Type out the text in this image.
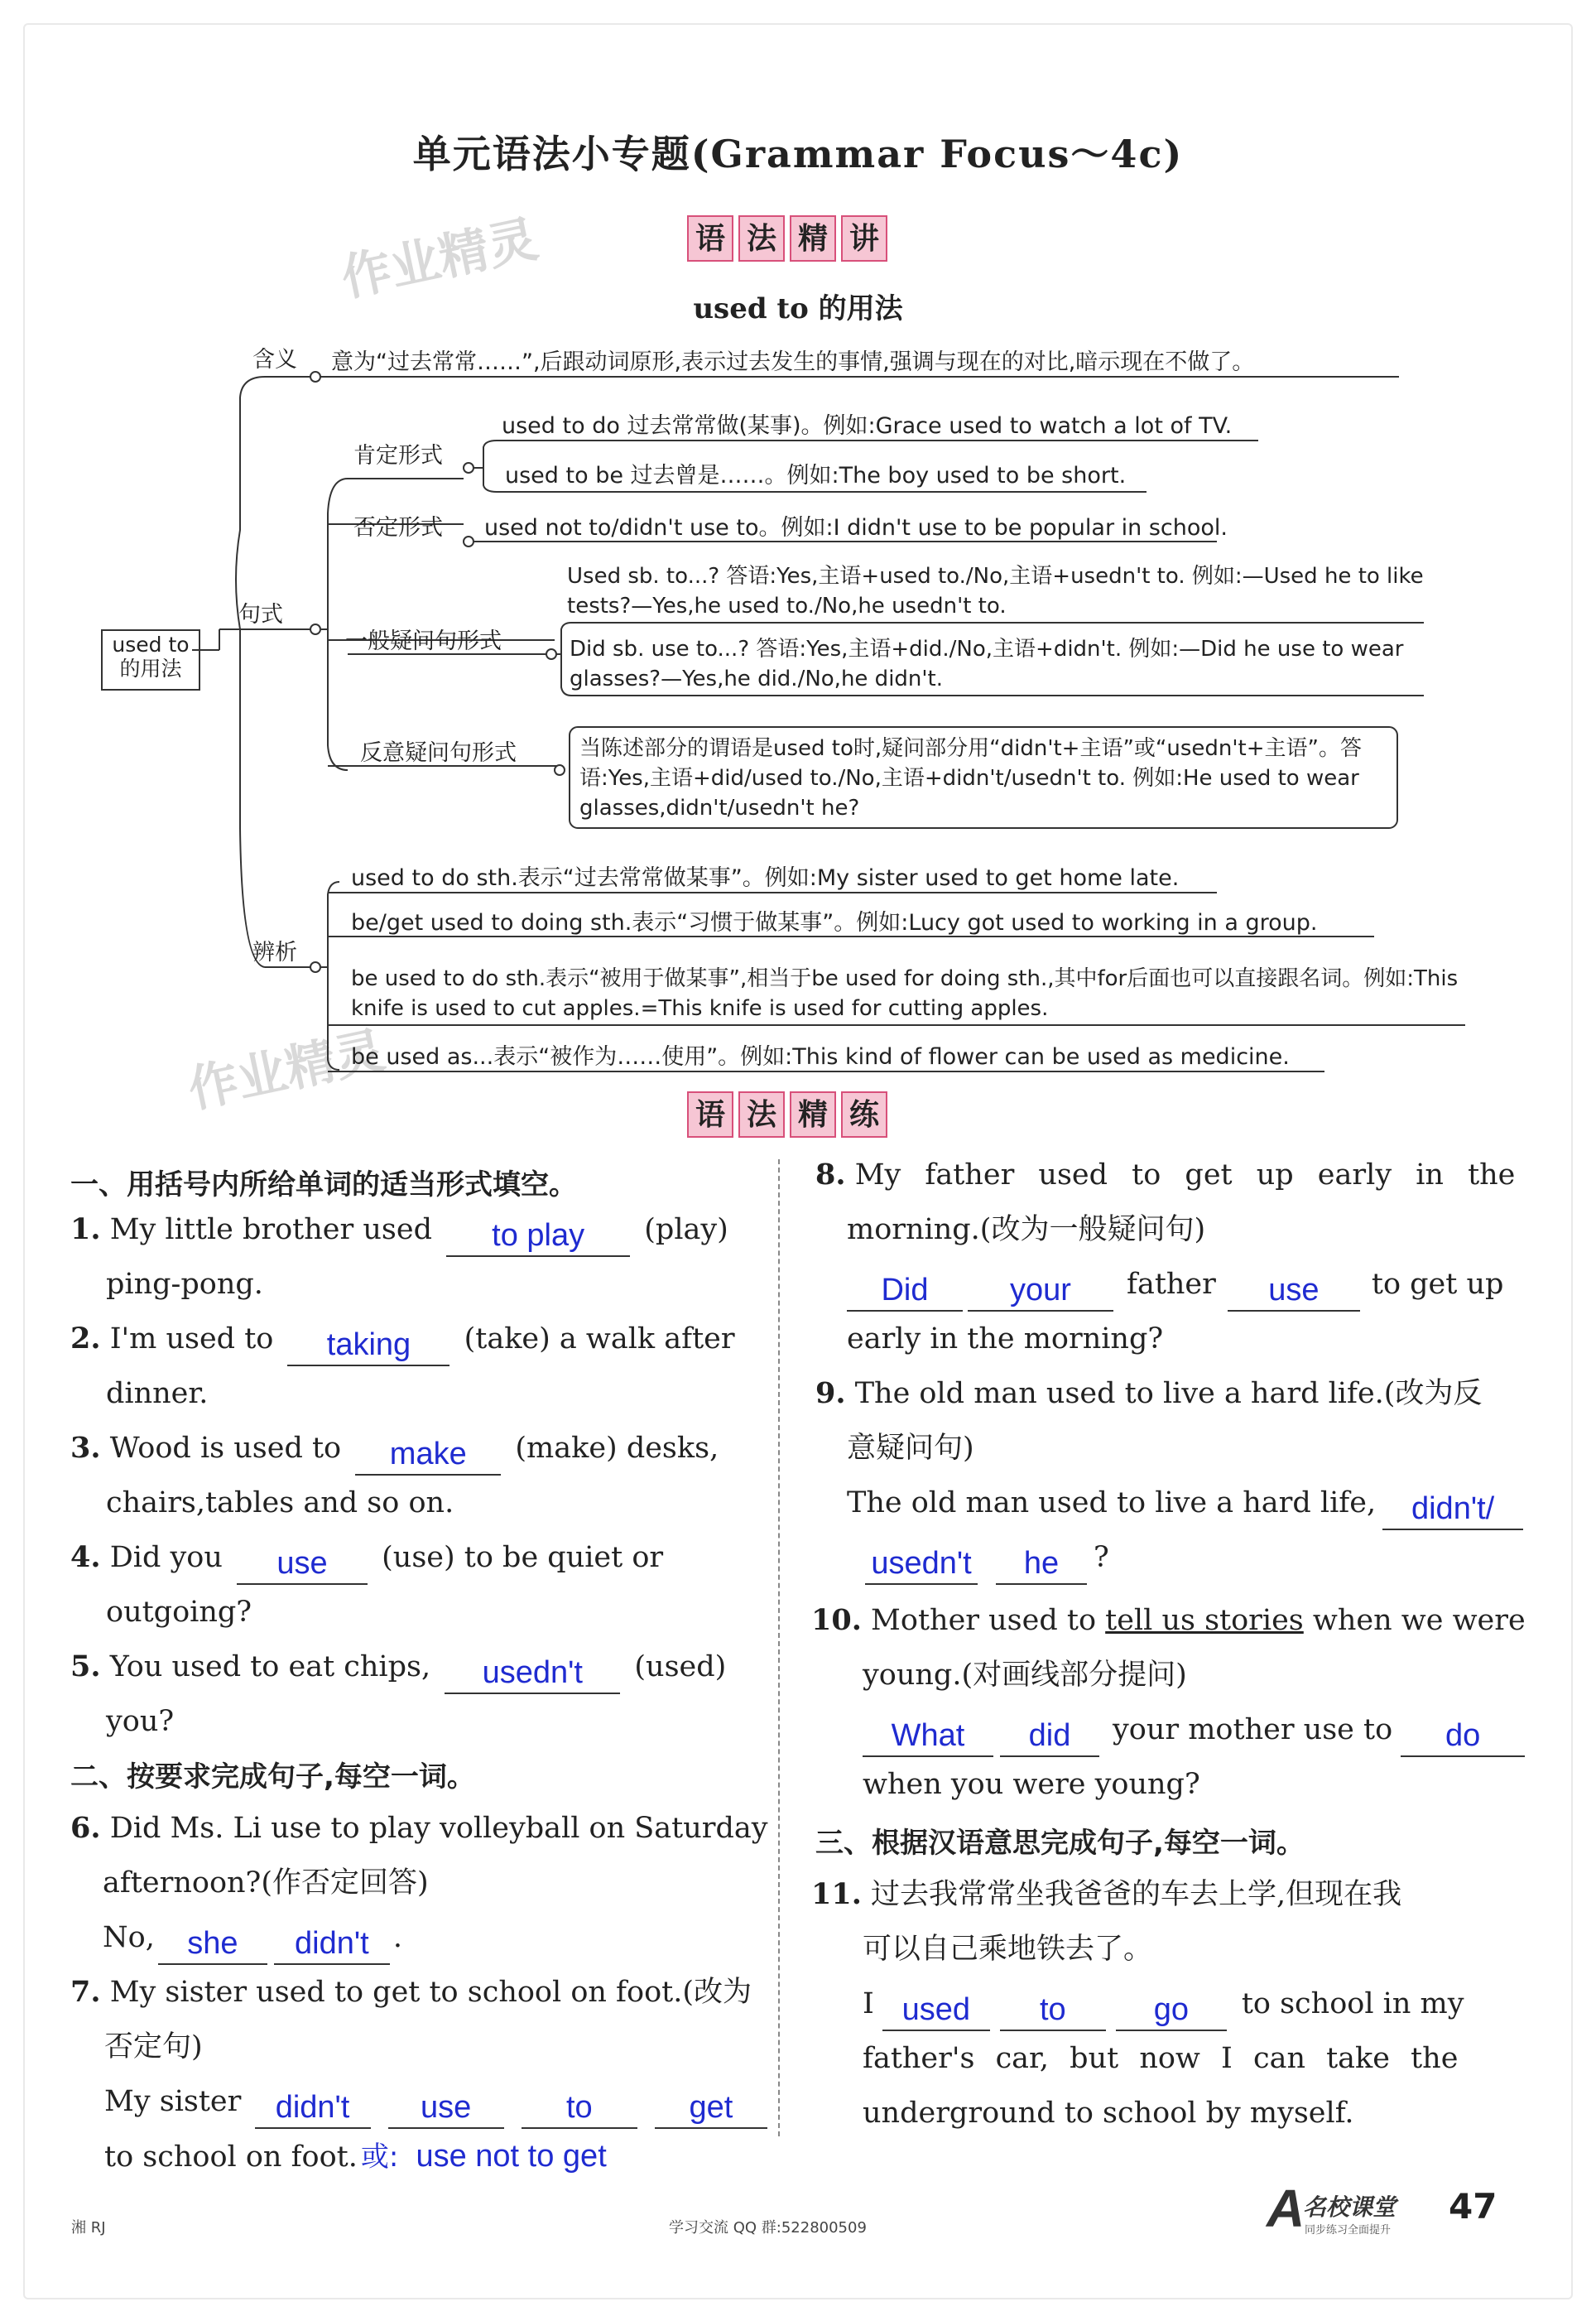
单元语法小专题(Grammar Focus～4c)
语 法 精 讲
作业精灵
作业精灵
used to 的用法
used to 的用法
含义 意为“过去常常……”,后跟动词原形,表示过去发生的事情,强调与现在的对比,暗示现在不做了。
句式
肯定形式
used to do 过去常常做(某事)。例如:Grace used to watch a lot of TV.
used to be 过去曾是……。例如:The boy used to be short.
否定形式 used not to/didn't use to。例如:I didn't use to be popular in school.
一般疑问句形式
Used sb. to...? 答语:Yes,主语+used to./No,主语+usedn't to. 例如:—Used he to like tests?—Yes,he used to./No,he usedn't to.
Did sb. use to...? 答语:Yes,主语+did./No,主语+didn't. 例如:—Did he use to wear glasses?—Yes,he did./No,he didn't.
反意疑问句形式	当陈述部分的谓语是used to时,疑问部分用“didn't+主语”或“usedn't+主语”。答语:Yes,主语+did/used to./No,主语+didn't/usedn't to. 例如:He used to wear glasses,didn't/usedn't he?
辨析
used to do sth.表示“过去常常做某事”。例如:My sister used to get home late.
be/get used to doing sth.表示“习惯于做某事”。例如:Lucy got used to working in a group.
be used to do sth.表示“被用于做某事”,相当于be used for doing sth.,其中for后面也可以直接跟名词。例如:This knife is used to cut apples.=This knife is used for cutting apples.
be used as...表示“被作为……使用”。例如:This kind of flower can be used as medicine.
语 法 精 练
一、用括号内所给单词的适当形式填空。
1. My little brother used to play (play)
ping-pong.
2. I'm used to taking (take) a walk after
dinner.
3. Wood is used to make (make) desks,
chairs,tables and so on.
4. Did you use (use) to be quiet or
outgoing?
5. You used to eat chips, usedn't (used)
you?
二、按要求完成句子,每空一词。
6. Did Ms. Li use to play volleyball on Saturday
afternoon?(作否定回答)
No, she didn't .
7. My sister used to get to school on foot.(改为
否定句)
My sister didn't use	to	get
to school on foot. 或: use not to get
8. My father used to get up early in the
morning.(改为一般疑问句)
Did	your father use to get up
early in the morning?
9. The old man used to live a hard life.(改为反
意疑问句)
The old man used to live a hard life, didn't/
usedn't he ?
10. Mother used to tell us stories when we were
young.(对画线部分提问)
What did your mother use to do
when you were young?
三、根据汉语意思完成句子,每空一词。
11. 过去我常常坐我爸爸的车去上学,但现在我
可以自己乘地铁去了。
I used to	go to school in my
father's car, but now I can take the
underground to school by myself.
湘 RJ	学习交流 QQ 群:522800509	A
名校课堂
同步练习全面提升
47
